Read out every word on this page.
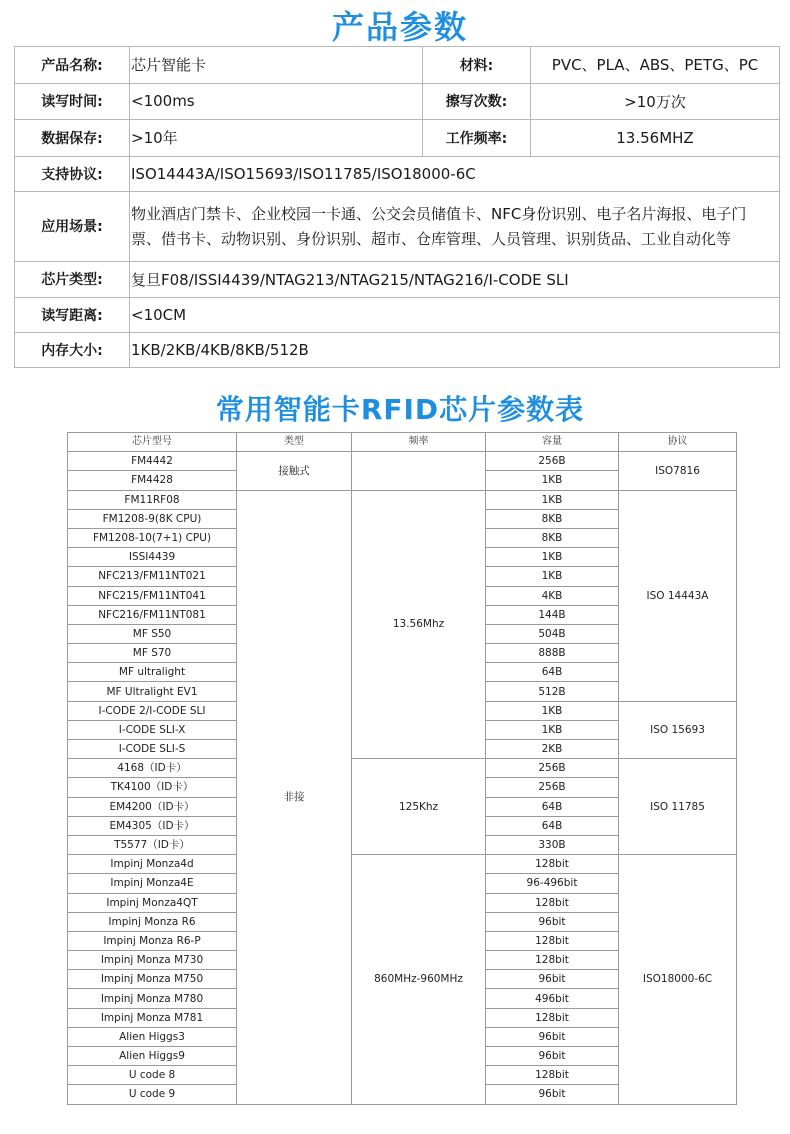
产品参数
产品名称:	芯片智能卡	材料:	PVC、PLA、ABS、PETG、PC
读写时间:	<100ms	擦写次数:	>10万次
数据保存:	>10年	工作频率:	13.56MHZ
支持协议:	ISO14443A/ISO15693/ISO11785/ISO18000-6C		
应用场景:	物业酒店门禁卡、企业校园一卡通、公交会员储值卡、NFC身份识别、电子名片海报、电子门
票、借书卡、动物识别、身份识别、超市、仓库管理、人员管理、识别货品、工业自动化等		

芯片类型:	复旦F08/ISSI4439/NTAG213/NTAG215/NTAG216/I-CODE SLI		
读写距离:	<10CM		
内存大小:	1KB/2KB/4KB/8KB/512B		
常用智能卡RFID芯片参数表
芯片型号	类型	频率	容量	协议
FM4442	接触式		256B	ISO7816
FM4428			1KB	
FM11RF08	非接	13.56Mhz	1KB	ISO 14443A
FM1208-9(8K CPU)			8KB	
FM1208-10(7+1) CPU)			8KB	
ISSI4439			1KB	
NFC213/FM11NT021			1KB	
NFC215/FM11NT041			4KB	
NFC216/FM11NT081			144B	
MF S50			504B	
MF S70			888B	
MF ultralight			64B	
MF Ultralight EV1			512B	
I-CODE 2/I-CODE SLI			1KB	ISO 15693
I-CODE SLI-X			1KB	
I-CODE SLI-S			2KB	
4168（ID卡）		125Khz	256B	ISO 11785
TK4100（ID卡）			256B	
EM4200（ID卡）			64B	
EM4305（ID卡）			64B	
T5577（ID卡）			330B	
Impinj Monza4d		860MHz-960MHz	128bit	ISO18000-6C
Impinj Monza4E			96-496bit	
Impinj Monza4QT			128bit	
Impinj Monza R6			96bit	
Impinj Monza R6-P			128bit	
Impinj Monza M730			128bit	
Impinj Monza M750			96bit	
Impinj Monza M780			496bit	
Impinj Monza M781			128bit	
Alien Higgs3			96bit	
Alien Higgs9			96bit	
U code 8			128bit	
U code 9			96bit	
